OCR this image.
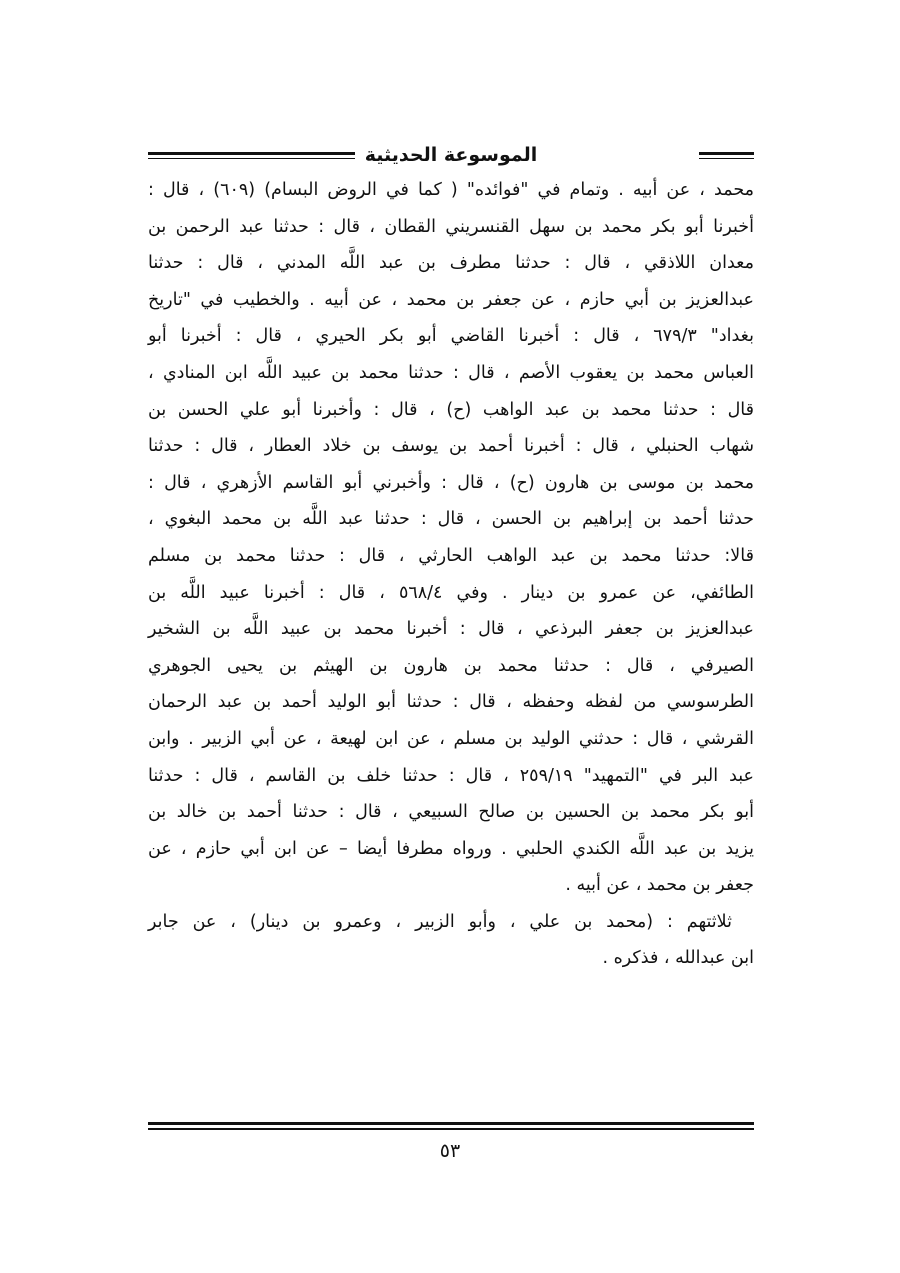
الموسوعة الحديثية
محمد ، عن أبيه . وتمام في "فوائده" ( كما في الروض البسام) (٦٠٩) ، قال :
أخبرنا أبو بكر محمد بن سهل القنسريني القطان ، قال : حدثنا عبد الرحمن بن
معدان اللاذقي ، قال : حدثنا مطرف بن عبد اللَّه المدني ، قال : حدثنا
عبدالعزيز بن أبي حازم ، عن جعفر بن محمد ، عن أبيه . والخطيب في "تاريخ
بغداد" ٦٧٩/٣ ، قال : أخبرنا القاضي أبو بكر الحيري ، قال : أخبرنا أبو
العباس محمد بن يعقوب الأصم ، قال : حدثنا محمد بن عبيد اللَّه ابن المنادي ،
قال : حدثنا محمد بن عبد الواهب (ح) ، قال : وأخبرنا أبو علي الحسن بن
شهاب الحنبلي ، قال : أخبرنا أحمد بن يوسف بن خلاد العطار ، قال : حدثنا
محمد بن موسى بن هارون (ح) ، قال : وأخبرني أبو القاسم الأزهري ، قال :
حدثنا أحمد بن إبراهيم بن الحسن ، قال : حدثنا عبد اللَّه بن محمد البغوي ،
قالا: حدثنا محمد بن عبد الواهب الحارثي ، قال : حدثنا محمد بن مسلم
الطائفي، عن عمرو بن دينار . وفي ٥٦٨/٤ ، قال : أخبرنا عبيد اللَّه بن
عبدالعزيز بن جعفر البرذعي ، قال : أخبرنا محمد بن عبيد اللَّه بن الشخير
الصيرفي ، قال : حدثنا محمد بن هارون بن الهيثم بن يحيى الجوهري
الطرسوسي من لفظه وحفظه ، قال : حدثنا أبو الوليد أحمد بن عبد الرحمان
القرشي ، قال : حدثني الوليد بن مسلم ، عن ابن لهيعة ، عن أبي الزبير . وابن
عبد البر في "التمهيد" ٢٥٩/١٩ ، قال : حدثنا خلف بن القاسم ، قال : حدثنا
أبو بكر محمد بن الحسين بن صالح السبيعي ، قال : حدثنا أحمد بن خالد بن
يزيد بن عبد اللَّه الكندي الحلبي . ورواه مطرفا أيضا – عن ابن أبي حازم ، عن
جعفر بن محمد ، عن أبيه .
ثلاثتهم : (محمد بن علي ، وأبو الزبير ، وعمرو بن دينار) ، عن جابر
ابن عبدالله ، فذكره .
٥٣
